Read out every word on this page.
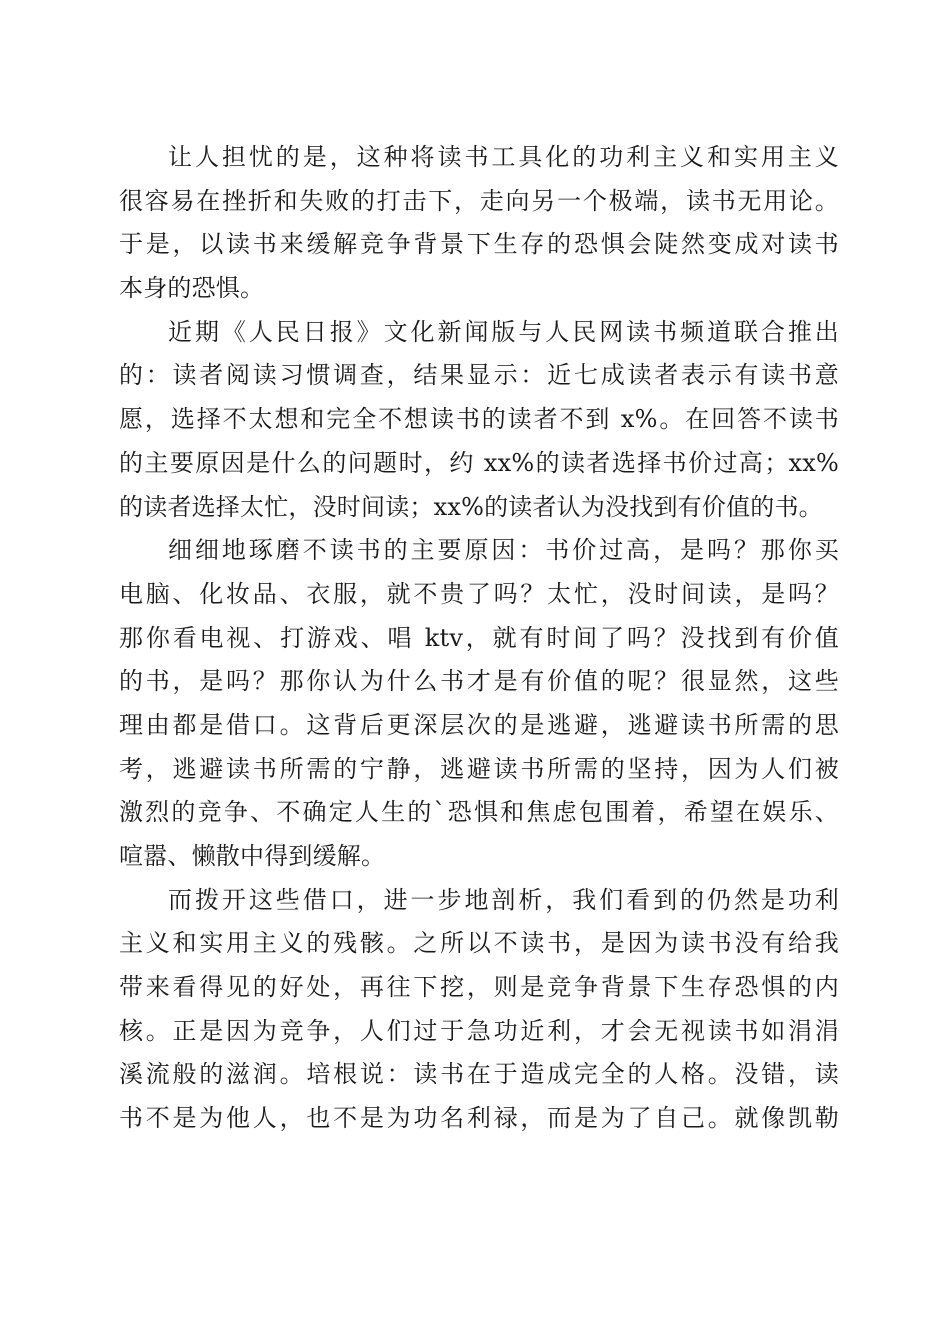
让人担忧的是，这种将读书工具化的功利主义和实用主义
很容易在挫折和失败的打击下，走向另一个极端，读书无用论。
于是，以读书来缓解竞争背景下生存的恐惧会陡然变成对读书
本身的恐惧。
近期《人民日报》文化新闻版与人民网读书频道联合推出
的：读者阅读习惯调查，结果显示：近七成读者表示有读书意
愿，选择不太想和完全不想读书的读者不到 x%。在回答不读书
的主要原因是什么的问题时，约 xx%的读者选择书价过高；xx%
的读者选择太忙，没时间读；xx%的读者认为没找到有价值的书。
细细地琢磨不读书的主要原因：书价过高，是吗？那你买
电脑、化妆品、衣服，就不贵了吗？太忙，没时间读，是吗？
那你看电视、打游戏、唱 ktv，就有时间了吗？没找到有价值
的书，是吗？那你认为什么书才是有价值的呢？很显然，这些
理由都是借口。这背后更深层次的是逃避，逃避读书所需的思
考，逃避读书所需的宁静，逃避读书所需的坚持，因为人们被
激烈的竞争、不确定人生的`恐惧和焦虑包围着，希望在娱乐、
喧嚣、懒散中得到缓解。
而拨开这些借口，进一步地剖析，我们看到的仍然是功利
主义和实用主义的残骸。之所以不读书，是因为读书没有给我
带来看得见的好处，再往下挖，则是竞争背景下生存恐惧的内
核。正是因为竞争，人们过于急功近利，才会无视读书如涓涓
溪流般的滋润。培根说：读书在于造成完全的人格。没错，读
书不是为他人，也不是为功名利禄，而是为了自己。就像凯勒
